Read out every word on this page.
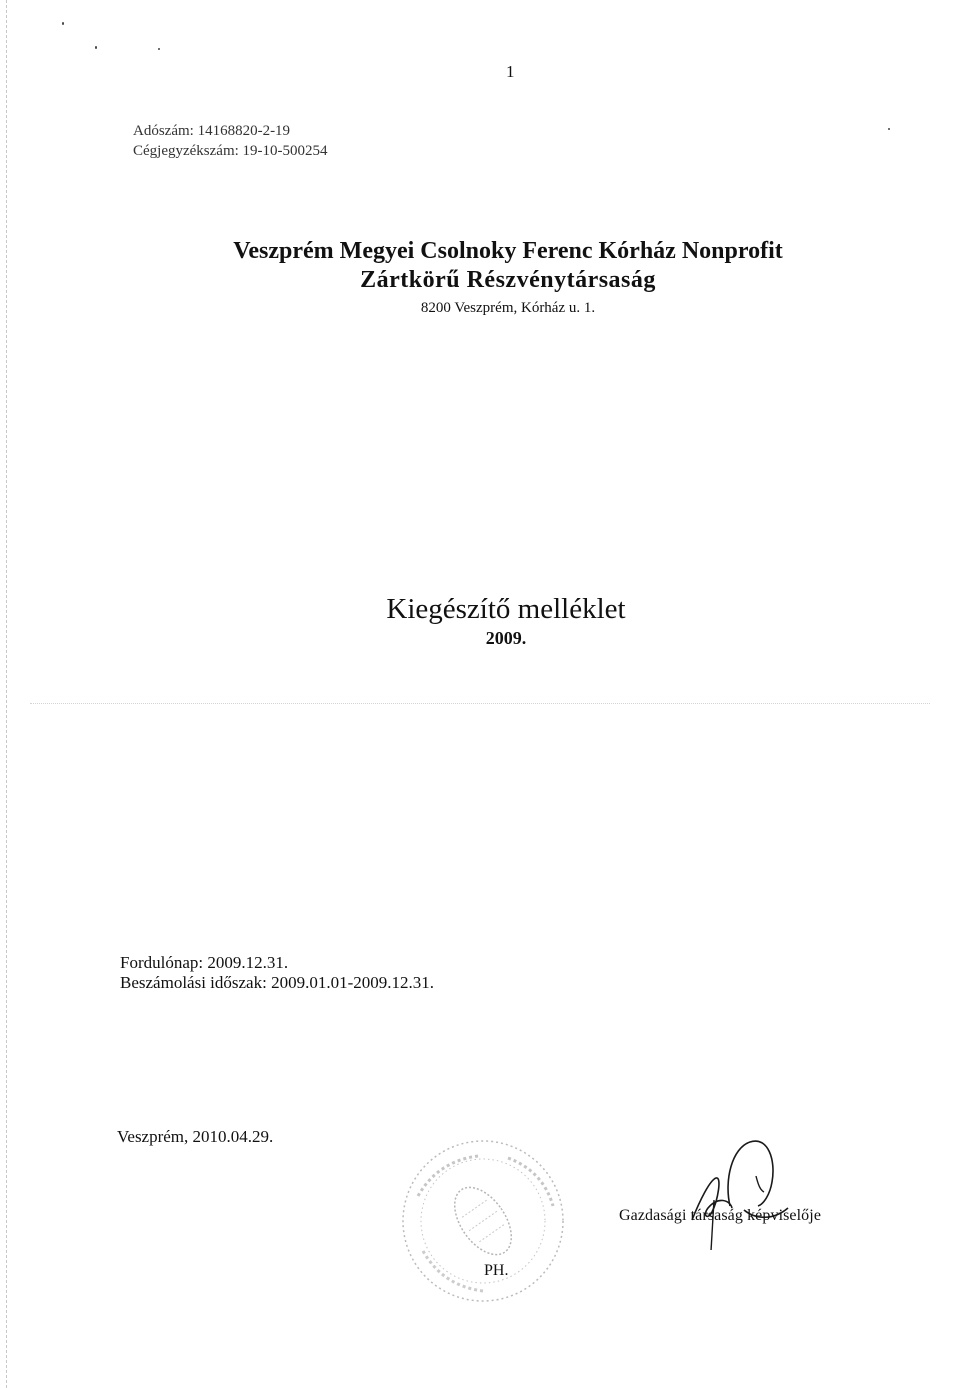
1
Adószám: 14168820-2-19
Cégjegyzékszám: 19-10-500254
Veszprém Megyei Csolnoky Ferenc Kórház Nonprofit
Zártkörű Részvénytársaság
8200 Veszprém, Kórház u. 1.
Kiegészítő melléklet
2009.
Fordulónap: 2009.12.31.
Beszámolási időszak: 2009.01.01-2009.12.31.
Veszprém, 2010.04.29.
PH.
Gazdasági társaság képviselője
